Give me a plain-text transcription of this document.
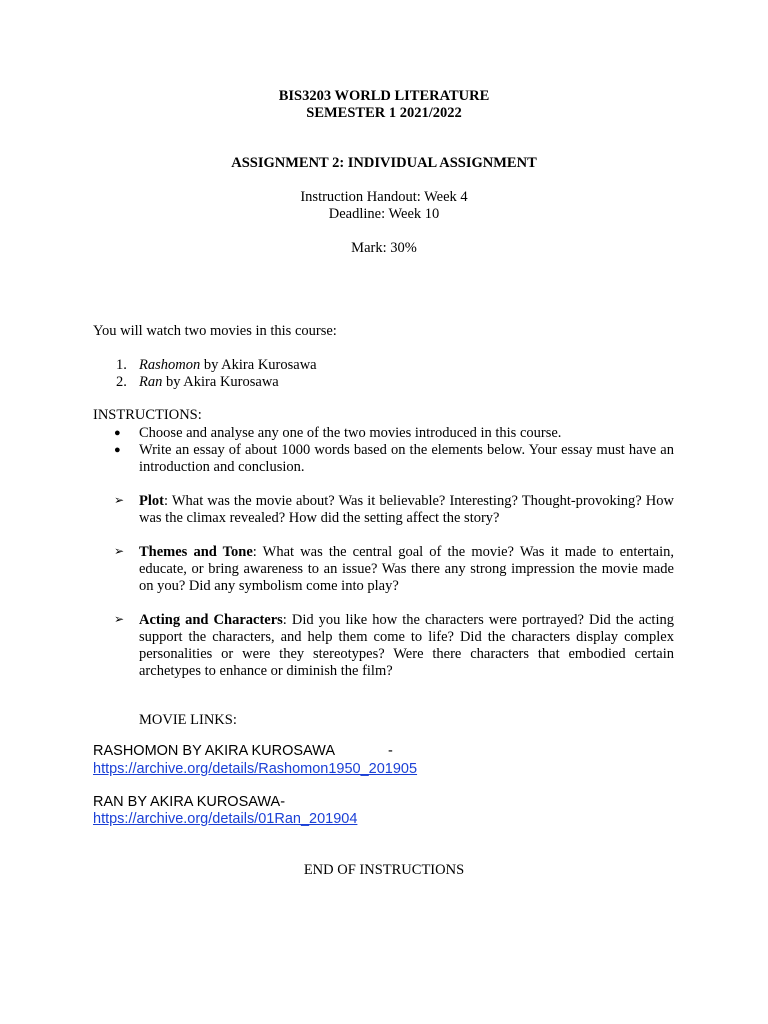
BIS3203 WORLD LITERATURE
SEMESTER 1 2021/2022
ASSIGNMENT 2: INDIVIDUAL ASSIGNMENT
Instruction Handout: Week 4
Deadline: Week 10
Mark: 30%
You will watch two movies in this course:
1. Rashomon by Akira Kurosawa
2. Ran by Akira Kurosawa
INSTRUCTIONS:
● Choose and analyse any one of the two movies introduced in this course.
● Write an essay of about 1000 words based on the elements below. Your essay must have an introduction and conclusion.
➢ Plot: What was the movie about? Was it believable? Interesting? Thought-provoking? How was the climax revealed? How did the setting affect the story?
➢ Themes and Tone: What was the central goal of the movie? Was it made to entertain, educate, or bring awareness to an issue? Was there any strong impression the movie made on you? Did any symbolism come into play?
➢ Acting and Characters: Did you like how the characters were portrayed? Did the acting support the characters, and help them come to life? Did the characters display complex personalities or were they stereotypes? Were there characters that embodied certain archetypes to enhance or diminish the film?
MOVIE LINKS:
RASHOMON BY AKIRA KUROSAWA	-
https://archive.org/details/Rashomon1950_201905
RAN BY AKIRA KUROSAWA-
https://archive.org/details/01Ran_201904
END OF INSTRUCTIONS
